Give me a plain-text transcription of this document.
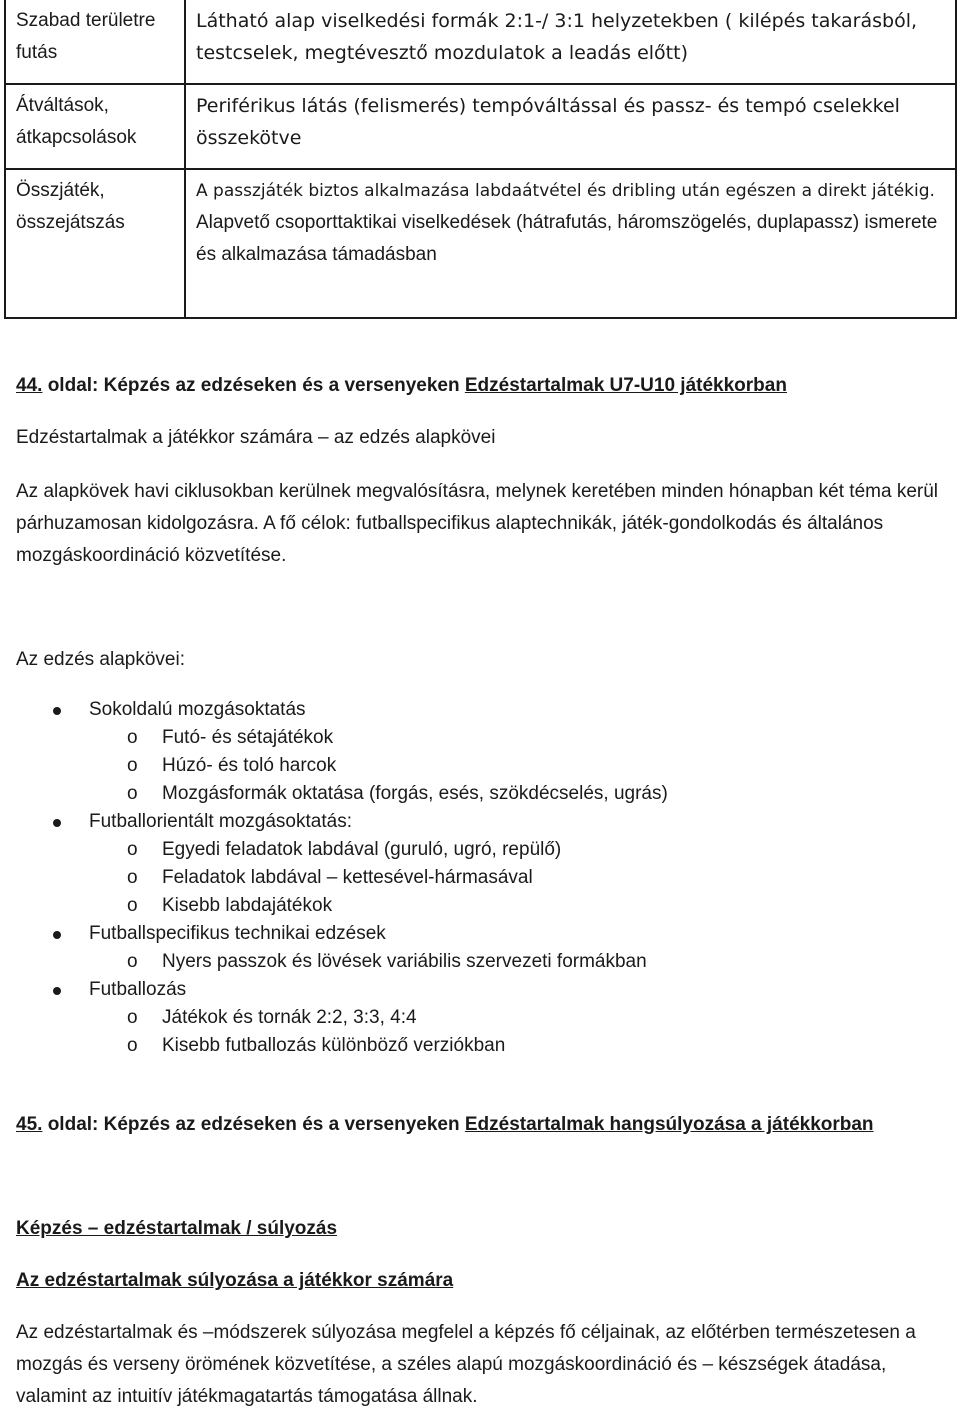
Szabad területre futás	Látható alap viselkedési formák 2:1-/ 3:1 helyzetekben ( kilépés takarásból, testcselek, megtévesztő mozdulatok a leadás előtt)
Átváltások, átkapcsolások	Periférikus látás (felismerés) tempóváltással és passz- és tempó cselekkel összekötve
Összjáték, összejátszás	A passzjáték biztos alkalmazása labdaátvétel és dribling után egészen a direkt játékig. Alapvető csoporttaktikai viselkedések (hátrafutás, háromszögelés, duplapassz) ismerete és alkalmazása támadásban
44. oldal: Képzés az edzéseken és a versenyeken Edzéstartalmak U7-U10 játékkorban
Edzéstartalmak a játékkor számára – az edzés alapkövei
Az alapkövek havi ciklusokban kerülnek megvalósításra, melynek keretében minden hónapban két téma kerül párhuzamosan kidolgozásra. A fő célok: futballspecifikus alaptechnikák, játék-gondolkodás és általános mozgáskoordináció közvetítése.
Az edzés alapkövei:
Sokoldalú mozgásoktatás
o Futó- és sétajátékok
o Húzó- és toló harcok
o Mozgásformák oktatása (forgás, esés, szökdécselés, ugrás)
Futballorientált mozgásoktatás:
o Egyedi feladatok labdával (guruló, ugró, repülő)
o Feladatok labdával – kettesével-hármasával
o Kisebb labdajátékok
Futballspecifikus technikai edzések
o Nyers passzok és lövések variábilis szervezeti formákban
Futballozás
o Játékok és tornák 2:2, 3:3, 4:4
o Kisebb futballozás különböző verziókban
45. oldal: Képzés az edzéseken és a versenyeken Edzéstartalmak hangsúlyozása a játékkorban
Képzés – edzéstartalmak / súlyozás
Az edzéstartalmak súlyozása a játékkor számára
Az edzéstartalmak és –módszerek súlyozása megfelel a képzés fő céljainak, az előtérben természetesen a mozgás és verseny örömének közvetítése, a széles alapú mozgáskoordináció és – készségek átadása, valamint az intuitív játékmagatartás támogatása állnak.
